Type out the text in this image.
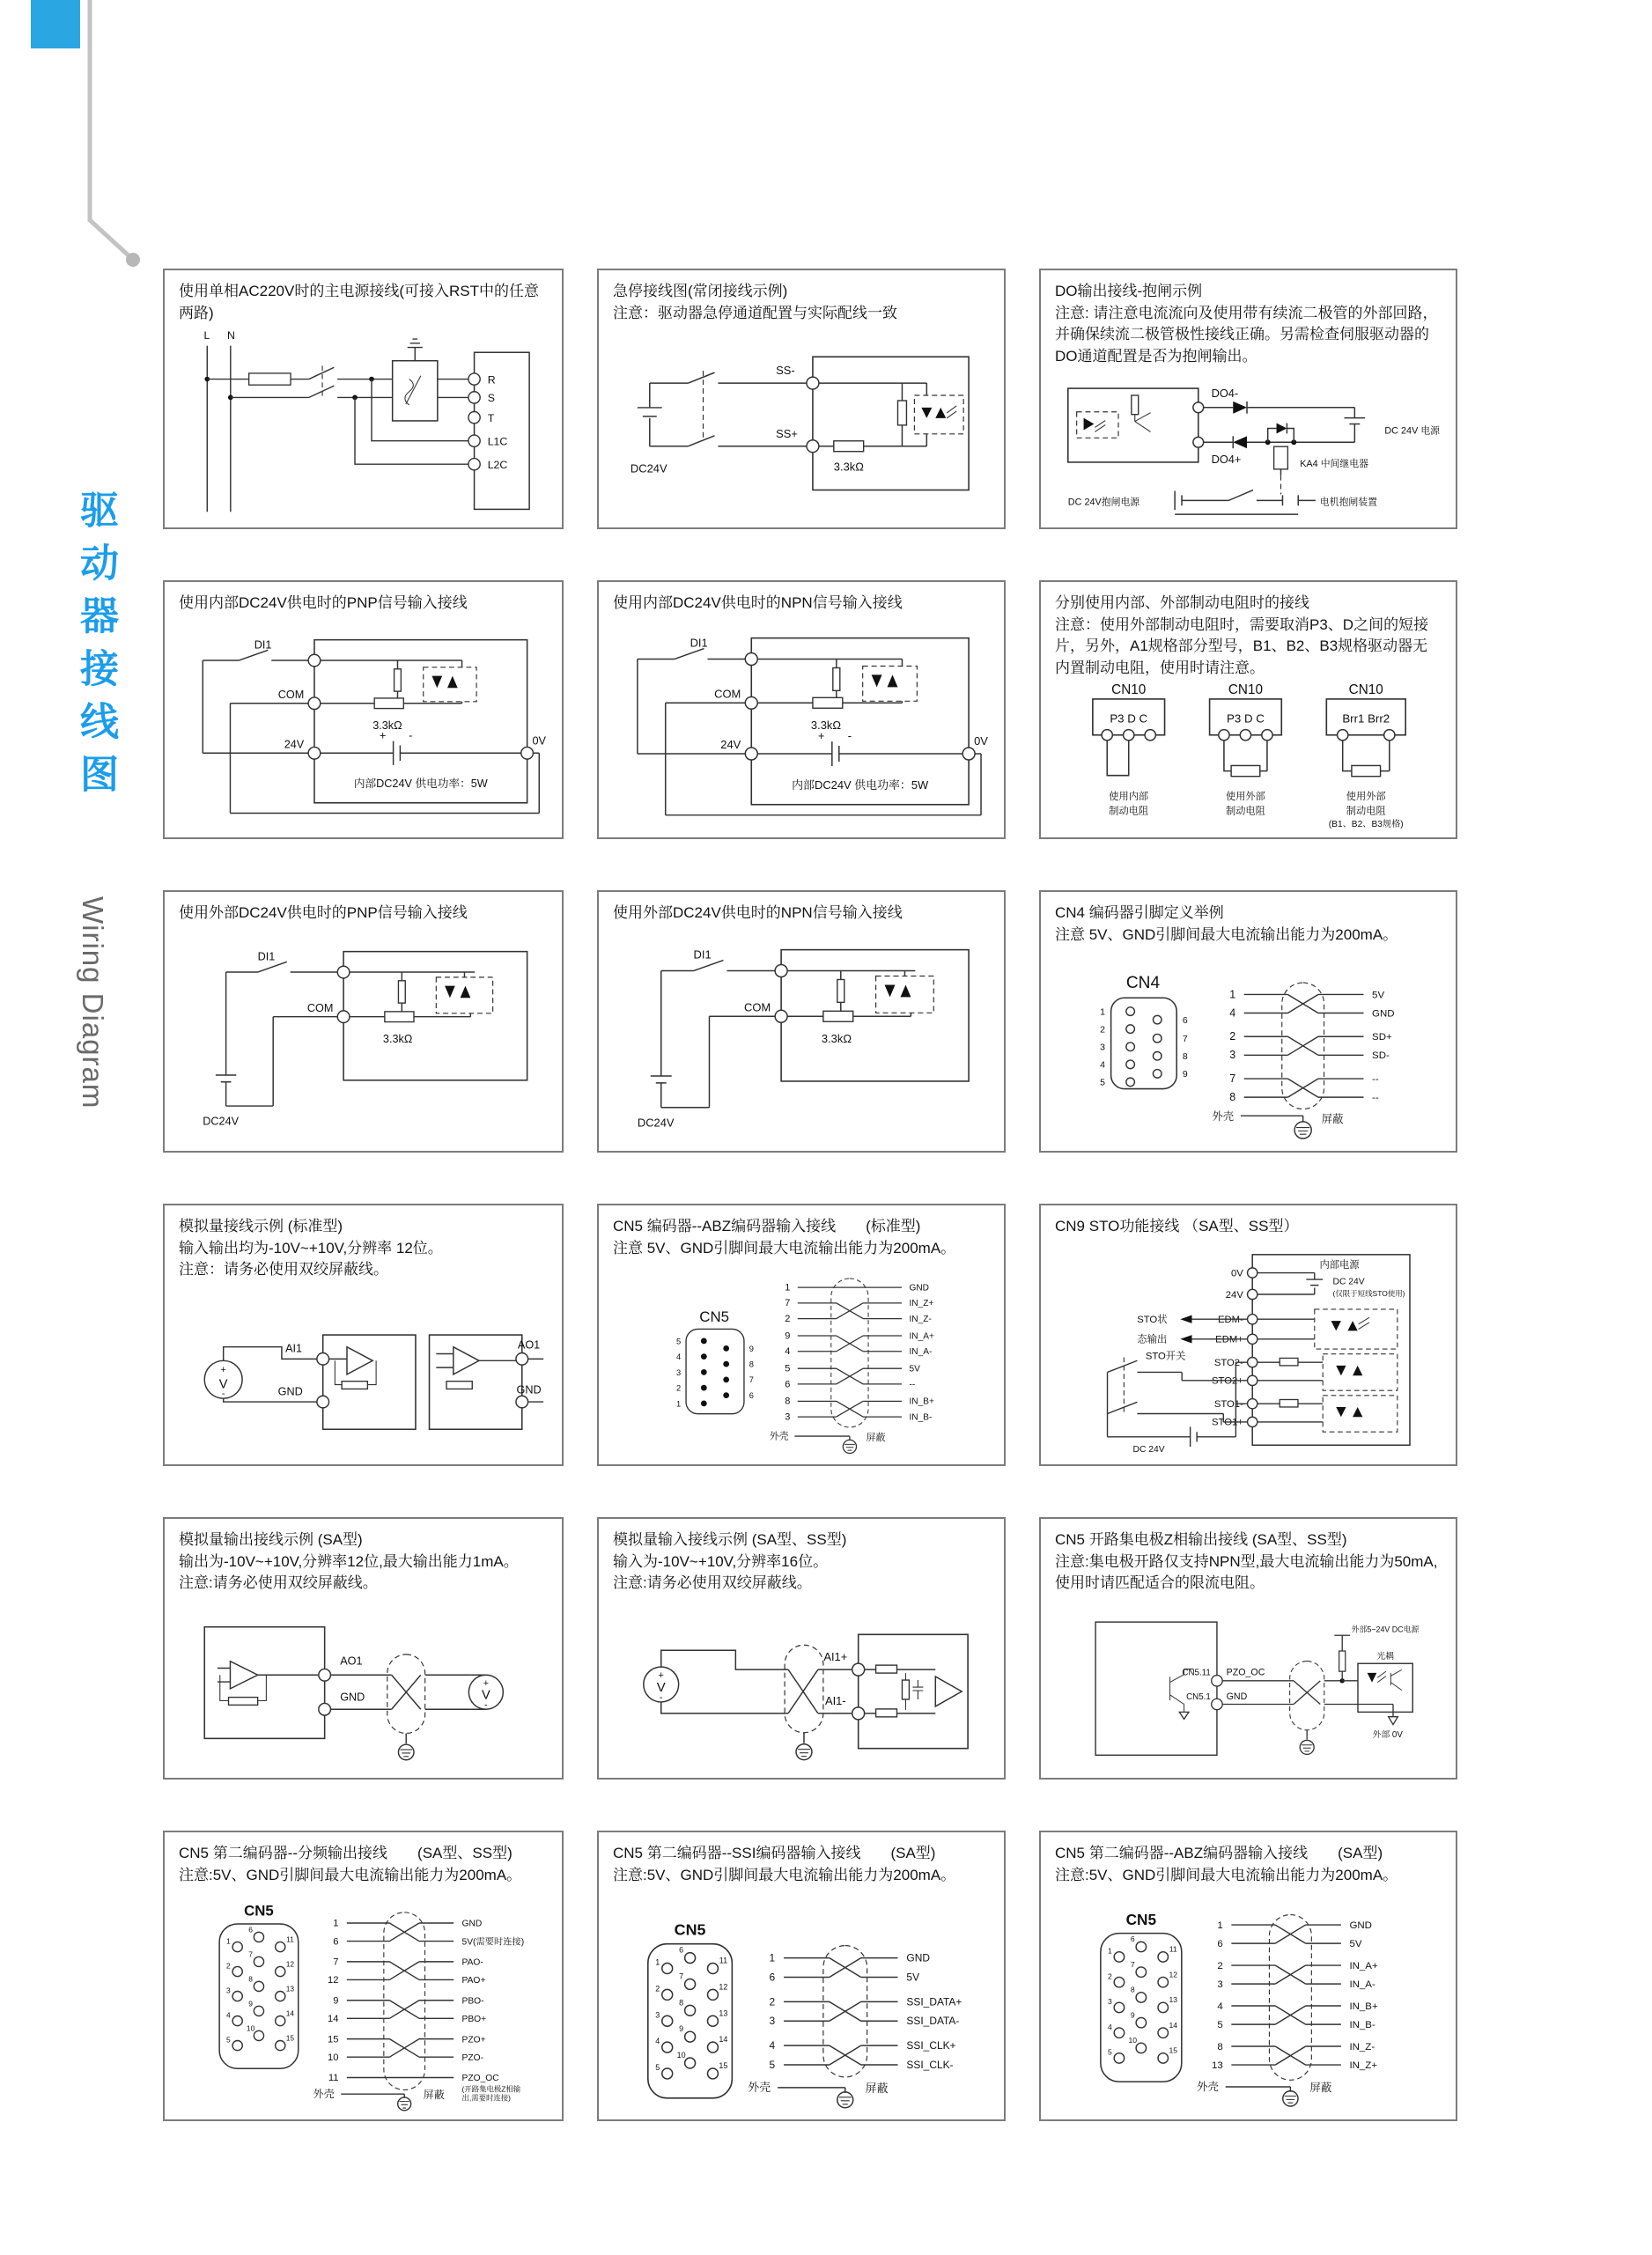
驱动器接线图
Wiring Diagram
使用单相AC220V时的主电源接线(可接入RST中的任意两路)
L N
R
S
T
L1C
L2C
急停接线图(常闭接线示例)

注意：驱动器急停通道配置与实际配线一致

DC24V
SS-
SS+
3.3kΩ
DO输出接线-抱闸示例

注意: 请注意电流流向及使用带有续流二极管的外部回路，并确保续流二极管极性接线正确。另需检查伺服驱动器的DO通道配置是否为抱闸输出。

DO4-
DO4+
DC 24V 电源
KA4 中间继电器
DC 24V抱闸电源	电机抱闸装置
使用内部DC24V供电时的PNP信号输入接线
DI1
COM
24V	0V
3.3kΩ
+ -
内部DC24V 供电功率：5W
使用内部DC24V供电时的NPN信号输入接线
DI1
COM
24V	0V
3.3kΩ
+ -
内部DC24V 供电功率：5W
分别使用内部、外部制动电阻时的接线

注意：使用外部制动电阻时，需要取消P3、D之间的短接片，另外，A1规格部分型号，B1、B2、B3规格驱动器无内置制动电阻，使用时请注意。

CN10
P3 D C
使用内部
制动电阻
CN10
P3 D C
使用外部
制动电阻
CN10
Brr1 Brr2
使用外部
制动电阻
(B1、B2、B3规格)
使用外部DC24V供电时的PNP信号输入接线
DI1
DC24V
COM
3.3kΩ
使用外部DC24V供电时的NPN信号输入接线
DI1
DC24V
COM
3.3kΩ
CN4 编码器引脚定义举例

注意 5V、GND引脚间最大电流输出能力为200mA。

CN4
1
2
3
4
5
6
7
8
9
1
4
2
3
7
8
5V
GND
SD+
SD-
--
--
外壳	屏蔽
模拟量接线示例 (标准型)

输入输出均为-10V~+10V,分辨率 12位。

注意：请务必使用双绞屏蔽线。

+
V
-
AI1
GND
AO1
GND
CN5 编码器--ABZ编码器输入接线　　(标准型)

注意 5V、GND引脚间最大电流输出能力为200mA。

CN5
5
4
3
2
1
9
8
7
6
1
7
2
9
4
5
6
8
3
GND
IN_Z+
IN_Z-
IN_A+
IN_A-
5V
--
IN_B+
IN_B-
外壳	屏蔽
CN9 STO功能接线 （SA型、SS型）
内部电源
0V
24V
EDM-
EDM+
STO2-
STO2+
STO1-
STO1+
DC 24V
(仅限于短线STO使用)
STO状
态输出
STO开关
DC 24V
模拟量输出接线示例 (SA型)

输出为-10V~+10V,分辨率12位,最大输出能力1mA。

注意:请务必使用双绞屏蔽线。

AO1
GND
+
V
-
模拟量输入接线示例 (SA型、SS型)

输入为-10V~+10V,分辨率16位。

注意:请务必使用双绞屏蔽线。

+
V
-
AI1+
AI1-
CN5 开路集电极Z相输出接线 (SA型、SS型)

注意:集电极开路仅支持NPN型,最大电流输出能力为50mA,使用时请匹配适合的限流电阻。

CN5.11 PZO_OC
CN5.1 GND
外部5~24V DC电源
光耦
外部 0V
CN5 第二编码器--分频输出接线　　(SA型、SS型)

注意:5V、GND引脚间最大电流输出能力为200mA。

CN5
1
2
3
4
5
6
7
8
9
10
11
12
13
14
15
1
6
7
12
9
14
15
10
11
GND
5V(需要时连接)
PAO-
PAO+
PBO-
PBO+
PZO+
PZO-
PZO_OC
(开路集电极Z相输
出,需要时连接)
外壳	屏蔽
CN5 第二编码器--SSI编码器输入接线　　(SA型)

注意:5V、GND引脚间最大电流输出能力为200mA。

CN5
1
2
3
4
5
6
7
8
9
10
11
12
13
14
15
1
6
2
3
4
5
GND
5V
SSI_DATA+
SSI_DATA-
SSI_CLK+
SSI_CLK-
外壳	屏蔽
CN5 第二编码器--ABZ编码器输入接线　　(SA型)

注意:5V、GND引脚间最大电流输出能力为200mA。

CN5
1
2
3
4
5
6
7
8
9
10
11
12
13
14
15
1
6
2
3
4
5
8
13
GND
5V
IN_A+
IN_A-
IN_B+
IN_B-
IN_Z-
IN_Z+
外壳	屏蔽
